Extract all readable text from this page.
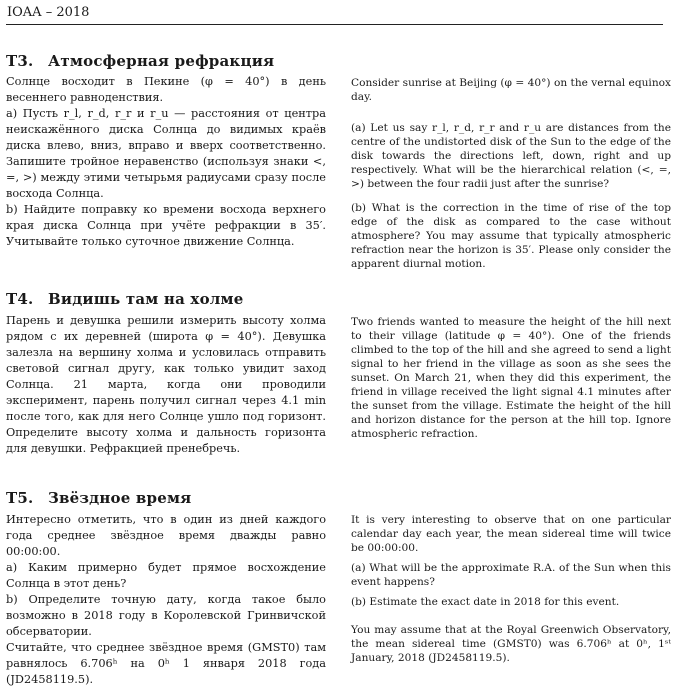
IOAA – 2018
T3. Атмосферная рефракция

Солнце восходит в Пекине (φ = 40°) в день весеннего равноденствия.

a) Пусть r_l, r_d, r_r и r_u — расстояния от центра неискажённого диска Солнца до видимых краёв диска влево, вниз, вправо и вверх соответственно. Запишите тройное неравенство (используя знаки <, =, >) между этими четырьмя радиусами сразу после восхода Солнца.

b) Найдите поправку ко времени восхода верхнего края диска Солнца при учёте рефракции в 35′. Учитывайте только суточное движение Солнца.

Consider sunrise at Beijing (φ = 40°) on the vernal equinox day.

(a) Let us say r_l, r_d, r_r and r_u are distances from the centre of the undistorted disk of the Sun to the edge of the disk towards the directions left, down, right and up respectively. What will be the hierarchical relation (<, =, >) between the four radii just after the sunrise?

(b) What is the correction in the time of rise of the top edge of the disk as compared to the case without atmosphere? You may assume that typically atmospheric refraction near the horizon is 35′. Please only consider the apparent diurnal motion.

T4. Видишь там на холме

Парень и девушка решили измерить высоту холма рядом с их деревней (широта φ = 40°). Девушка залезла на вершину холма и условилась отправить световой сигнал другу, как только увидит заход Солнца. 21 марта, когда они проводили эксперимент, парень получил сигнал через 4.1 min после того, как для него Солнце ушло под горизонт. Определите высоту холма и дальность горизонта для девушки. Рефракцией пренебречь.

Two friends wanted to measure the height of the hill next to their village (latitude φ = 40°). One of the friends climbed to the top of the hill and she agreed to send a light signal to her friend in the village as soon as she sees the sunset. On March 21, when they did this experiment, the friend in village received the light signal 4.1 minutes after the sunset from the village. Estimate the height of the hill and horizon distance for the person at the hill top. Ignore atmospheric refraction.

T5. Звёздное время

Интересно отметить, что в один из дней каждого года среднее звёздное время дважды равно 00:00:00.

a) Каким примерно будет прямое восхождение Солнца в этот день?

b) Определите точную дату, когда такое было возможно в 2018 году в Королевской Гринвичской обсерватории.

Считайте, что среднее звёздное время (GMST0) там равнялось 6.706ʰ на 0ʰ 1 января 2018 года (JD2458119.5).

It is very interesting to observe that on one particular calendar day each year, the mean sidereal time will twice be 00:00:00.

(a) What will be the approximate R.A. of the Sun when this event happens?

(b) Estimate the exact date in 2018 for this event.

You may assume that at the Royal Greenwich Observatory, the mean sidereal time (GMST0) was 6.706ʰ at 0ʰ, 1ˢᵗ January, 2018 (JD2458119.5).
